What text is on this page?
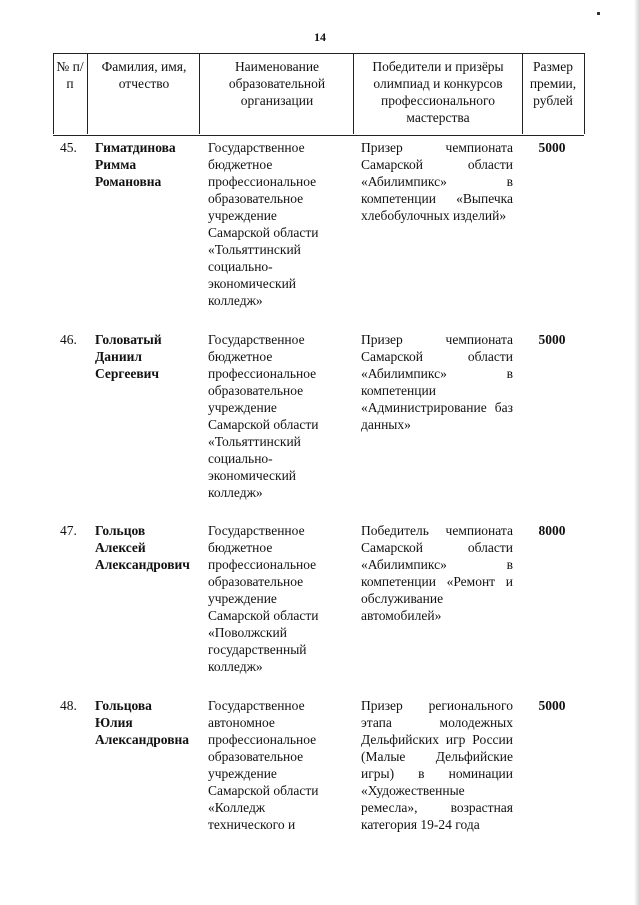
14
№ п/п
Фамилия, имя, отчество
Наименование образовательной организации
Победители и призёры олимпиад и конкурсов профессионального мастерства
Размер премии, рублей
45. Гиматдинова
Римма
Романовна
Государственное
бюджетное
профессиональное
образовательное
учреждение
Самарской области
«Тольяттинский
социально-
экономический
колледж»
Призер чемпионата Самарской области «Абилимпикс» в компетенции «Выпечка хлебобулочных изделий»
5000
46. Головатый
Даниил
Сергеевич
Государственное
бюджетное
профессиональное
образовательное
учреждение
Самарской области
«Тольяттинский
социально-
экономический
колледж»
Призер чемпионата Самарской области «Абилимпикс» в компетенции «Администрирование баз данных»
5000
47. Гольцов
Алексей
Александрович
Государственное
бюджетное
профессиональное
образовательное
учреждение
Самарской области
«Поволжский
государственный
колледж»
Победитель чемпионата Самарской области «Абилимпикс» в компетенции «Ремонт и обслуживание автомобилей»
8000
48. Гольцова
Юлия
Александровна
Государственное
автономное
профессиональное
образовательное
учреждение
Самарской области
«Колледж
технического и
Призер регионального этапа молодежных Дельфийских игр России (Малые Дельфийские игры) в номинации «Художественные ремесла», возрастная категория 19-24 года
5000
